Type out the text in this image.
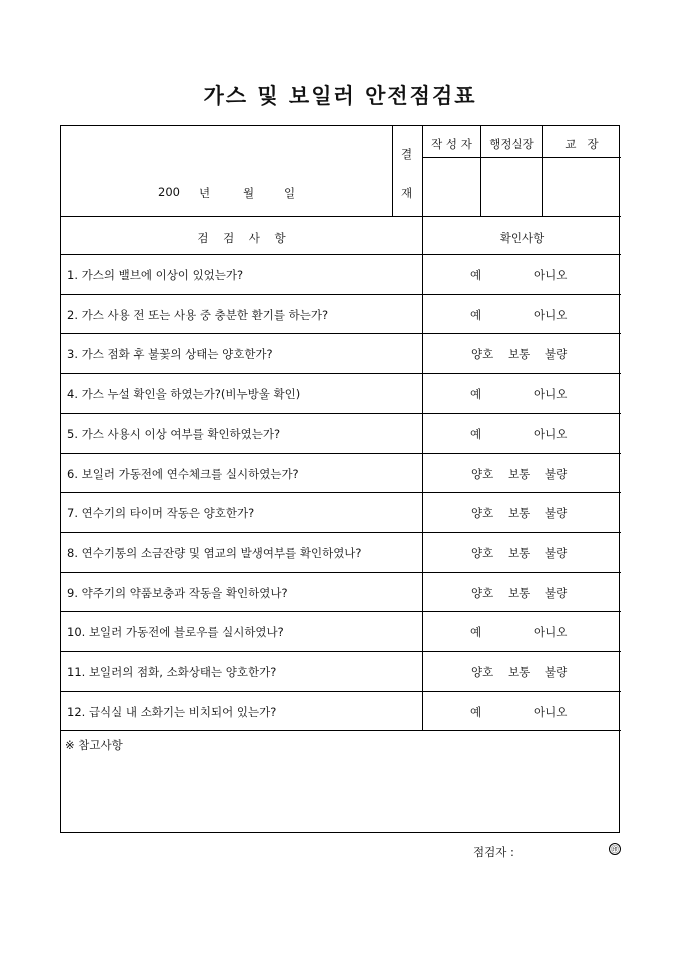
가스 및 보일러 안전점검표
200 년	월	일
결
재
작 성 자	행정실장	교   장
검    검    사    항	확인사항
1. 가스의 밸브에 이상이 있었는가?	예	아니오
2. 가스 사용 전 또는 사용 중 충분한 환기를 하는가?	예	아니오
3. 가스 점화 후 불꽃의 상태는 양호한가?	양호 보통 불량
4. 가스 누설 확인을 하였는가?(비누방울 확인)	예	아니오
5. 가스 사용시 이상 여부를 확인하였는가?	예	아니오
6. 보일러 가동전에 연수체크를 실시하였는가?	양호 보통 불량
7. 연수기의 타이머 작동은 양호한가?	양호 보통 불량
8. 연수기통의 소금잔량 및 염교의 발생여부를 확인하였나?	양호 보통 불량
9. 약주기의 약품보충과 작동을 확인하였나?	양호 보통 불량
10. 보일러 가동전에 블로우를 실시하였나?	예	아니오
11. 보일러의 점화, 소화상태는 양호한가?	양호 보통 불량
12. 급식실 내 소화기는 비치되어 있는가?	예	아니오
※ 참고사항
점검자 :	㊞
